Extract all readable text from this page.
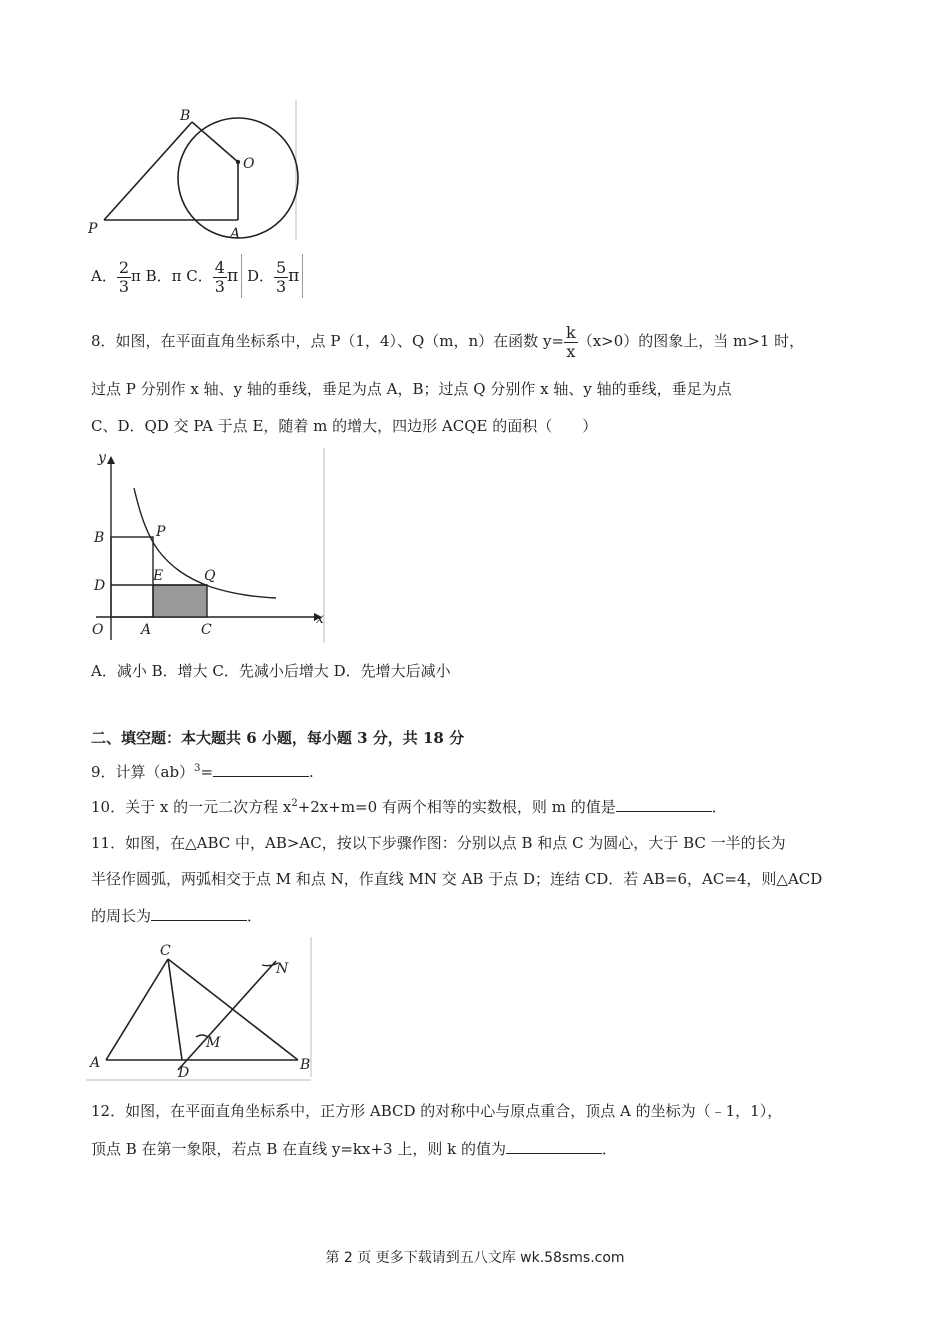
B
O
P	A
A． $\frac{2}{3}$ π B．π C． $\frac{4}{3}$ π D． $\frac{5}{3}$ π
8．如图，在平面直角坐标系中，点 P（1，4）、Q（m，n）在函数 $y= \frac{k}{x} (x>0)$的图象上，当 m>1 时，
过点 P 分别作 x 轴、y 轴的垂线，垂足为点 A，B；过点 Q 分别作 x 轴、y 轴的垂线，垂足为点
C、D．QD 交 PA 于点 E，随着 m 的增大，四边形 ACQE 的面积（　　）
y
x
B	P
D
E	Q
O	A	C
A．减小 B．增大 C．先减小后增大 D．先增大后减小
二、填空题：本大题共 6 小题，每小题 3 分，共 18 分
9．计算（ab）$^3$=	.
10．关于 x 的一元二次方程 $x^2+2x+m=0$ 有两个相等的实数根，则 m 的值是	．
11．如图，在△ABC 中，AB>AC，按以下步骤作图：分别以点 B 和点 C 为圆心，大于 BC 一半的长为
半径作圆弧，两弧相交于点 M 和点 N，作直线 MN 交 AB 于点 D；连结 CD．若 AB=6，AC=4，则△ACD
的周长为	．
C
N
M
A
D	B
12．如图，在平面直角坐标系中，正方形 ABCD 的对称中心与原点重合，顶点 A 的坐标为（﹣1，1），
顶点 B 在第一象限，若点 B 在直线 y=kx+3 上，则 k 的值为	．
第 2 页 更多下载请到五八文库 wk.58sms.com
